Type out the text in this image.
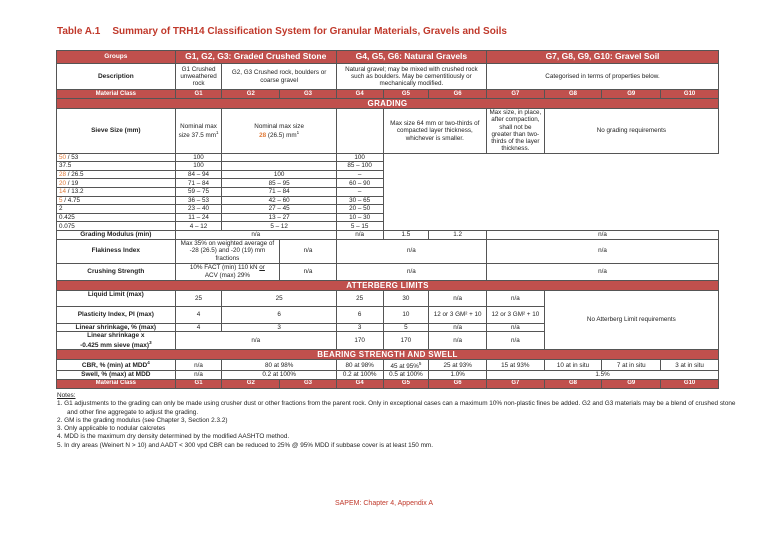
Table A.1 Summary of TRH14 Classification System for Granular Materials, Gravels and Soils
Groups	G1, G2, G3: Graded Crushed Stone			G4, G5, G6: Natural Gravels			G7, G8, G9, G10: Gravel Soil			
Description	G1 Crushed unweathered rock	G2, G3 Crushed rock, boulders or coarse gravel		Natural gravel; may be mixed with crushed rock such as boulders. May be cementitiously or mechanically modified.			Categorised in terms of properties below.			
Material Class	G1	G2	G3	G4	G5	G6	G7	G8	G9	G10
GRADING										
Sieve Size (mm)	Nominal max size 37.5 $mm^1$	Nominal max size
28 (26.5) $mm^1$			Max size 64 mm or two-thirds of compacted layer thickness, whichever is smaller.		Max size, in place, after compaction, shall not be greater than two-thirds of the layer thickness.	No grading requirements		
50 / 53	100			100						
37.5	100			85 – 100						
28 / 26.5	84 – 94	100		–						
20 / 19	71 – 84	85 – 95		60 – 90						
14 / 13.2	59 – 75	71 – 84		–						
5 / 4.75	36 – 53	42 – 60		30 – 65						
2	23 – 40	27 – 45		20 – 50						
0.425	11 – 24	13 – 27		10 – 30						
0.075	4 – 12	5 – 12		5 – 15						
Grading Modulus (min)	n/a			n/a	1.5	1.2	n/a			
Flakiness Index	Max 35% on weighted average of -28 (26.5) and -20 (19) mm fractions		n/a	n/a			n/a			
Crushing Strength	10% FACT (min) 110 kN or
ACV (max) 29%		n/a	n/a			n/a			
ATTERBERG LIMITS										
Liquid Limit (max)	25	25		25	30	n/a	n/a	No Atterberg Limit requirements		
Plasticity Index, PI (max)	4	6		6	10	12 or 3 GM² + 10	12 or 3 GM² + 10			
Linear shrinkage, % (max)	4	3		3	5	n/a	n/a			
Linear shrinkage x
-0.425 mm sieve $(\max)^3$	n/a			170	170	n/a	n/a			
BEARING STRENGTH AND SWELL										
CBR, % (min) at MDD$^4$	n/a	80 at 98%		80 at 98%	45 at 95%$^5$	25 at 93%	15 at 93%	10 at in situ	7 at in situ	3 at in situ
Swell, % (max) at MDD	n/a	0.2 at 100%		0.2 at 100%	0.5 at 100%	1.0%	1.5%			
Material Class	G1	G2	G3	G4	G5	G6	G7	G8	G9	G10
Notes:
1. G1 adjustments to the grading can only be made using crusher dust or other fractions from the parent rock. Only in exceptional cases can a maximum 10% non-plastic fines be added. G2 and G3 materials may be a blend of crushed stone and other fine aggregate to adjust the grading.
2. GM is the grading modulus (see Chapter 3, Section 2.3.2)
3. Only applicable to nodular calcretes
4. MDD is the maximum dry density determined by the modified AASHTO method.
5. In dry areas (Weinert N > 10) and AADT < 300 vpd CBR can be reduced to 25% @ 95% MDD if subbase cover is at least 150 mm.
SAPEM: Chapter 4, Appendix A
